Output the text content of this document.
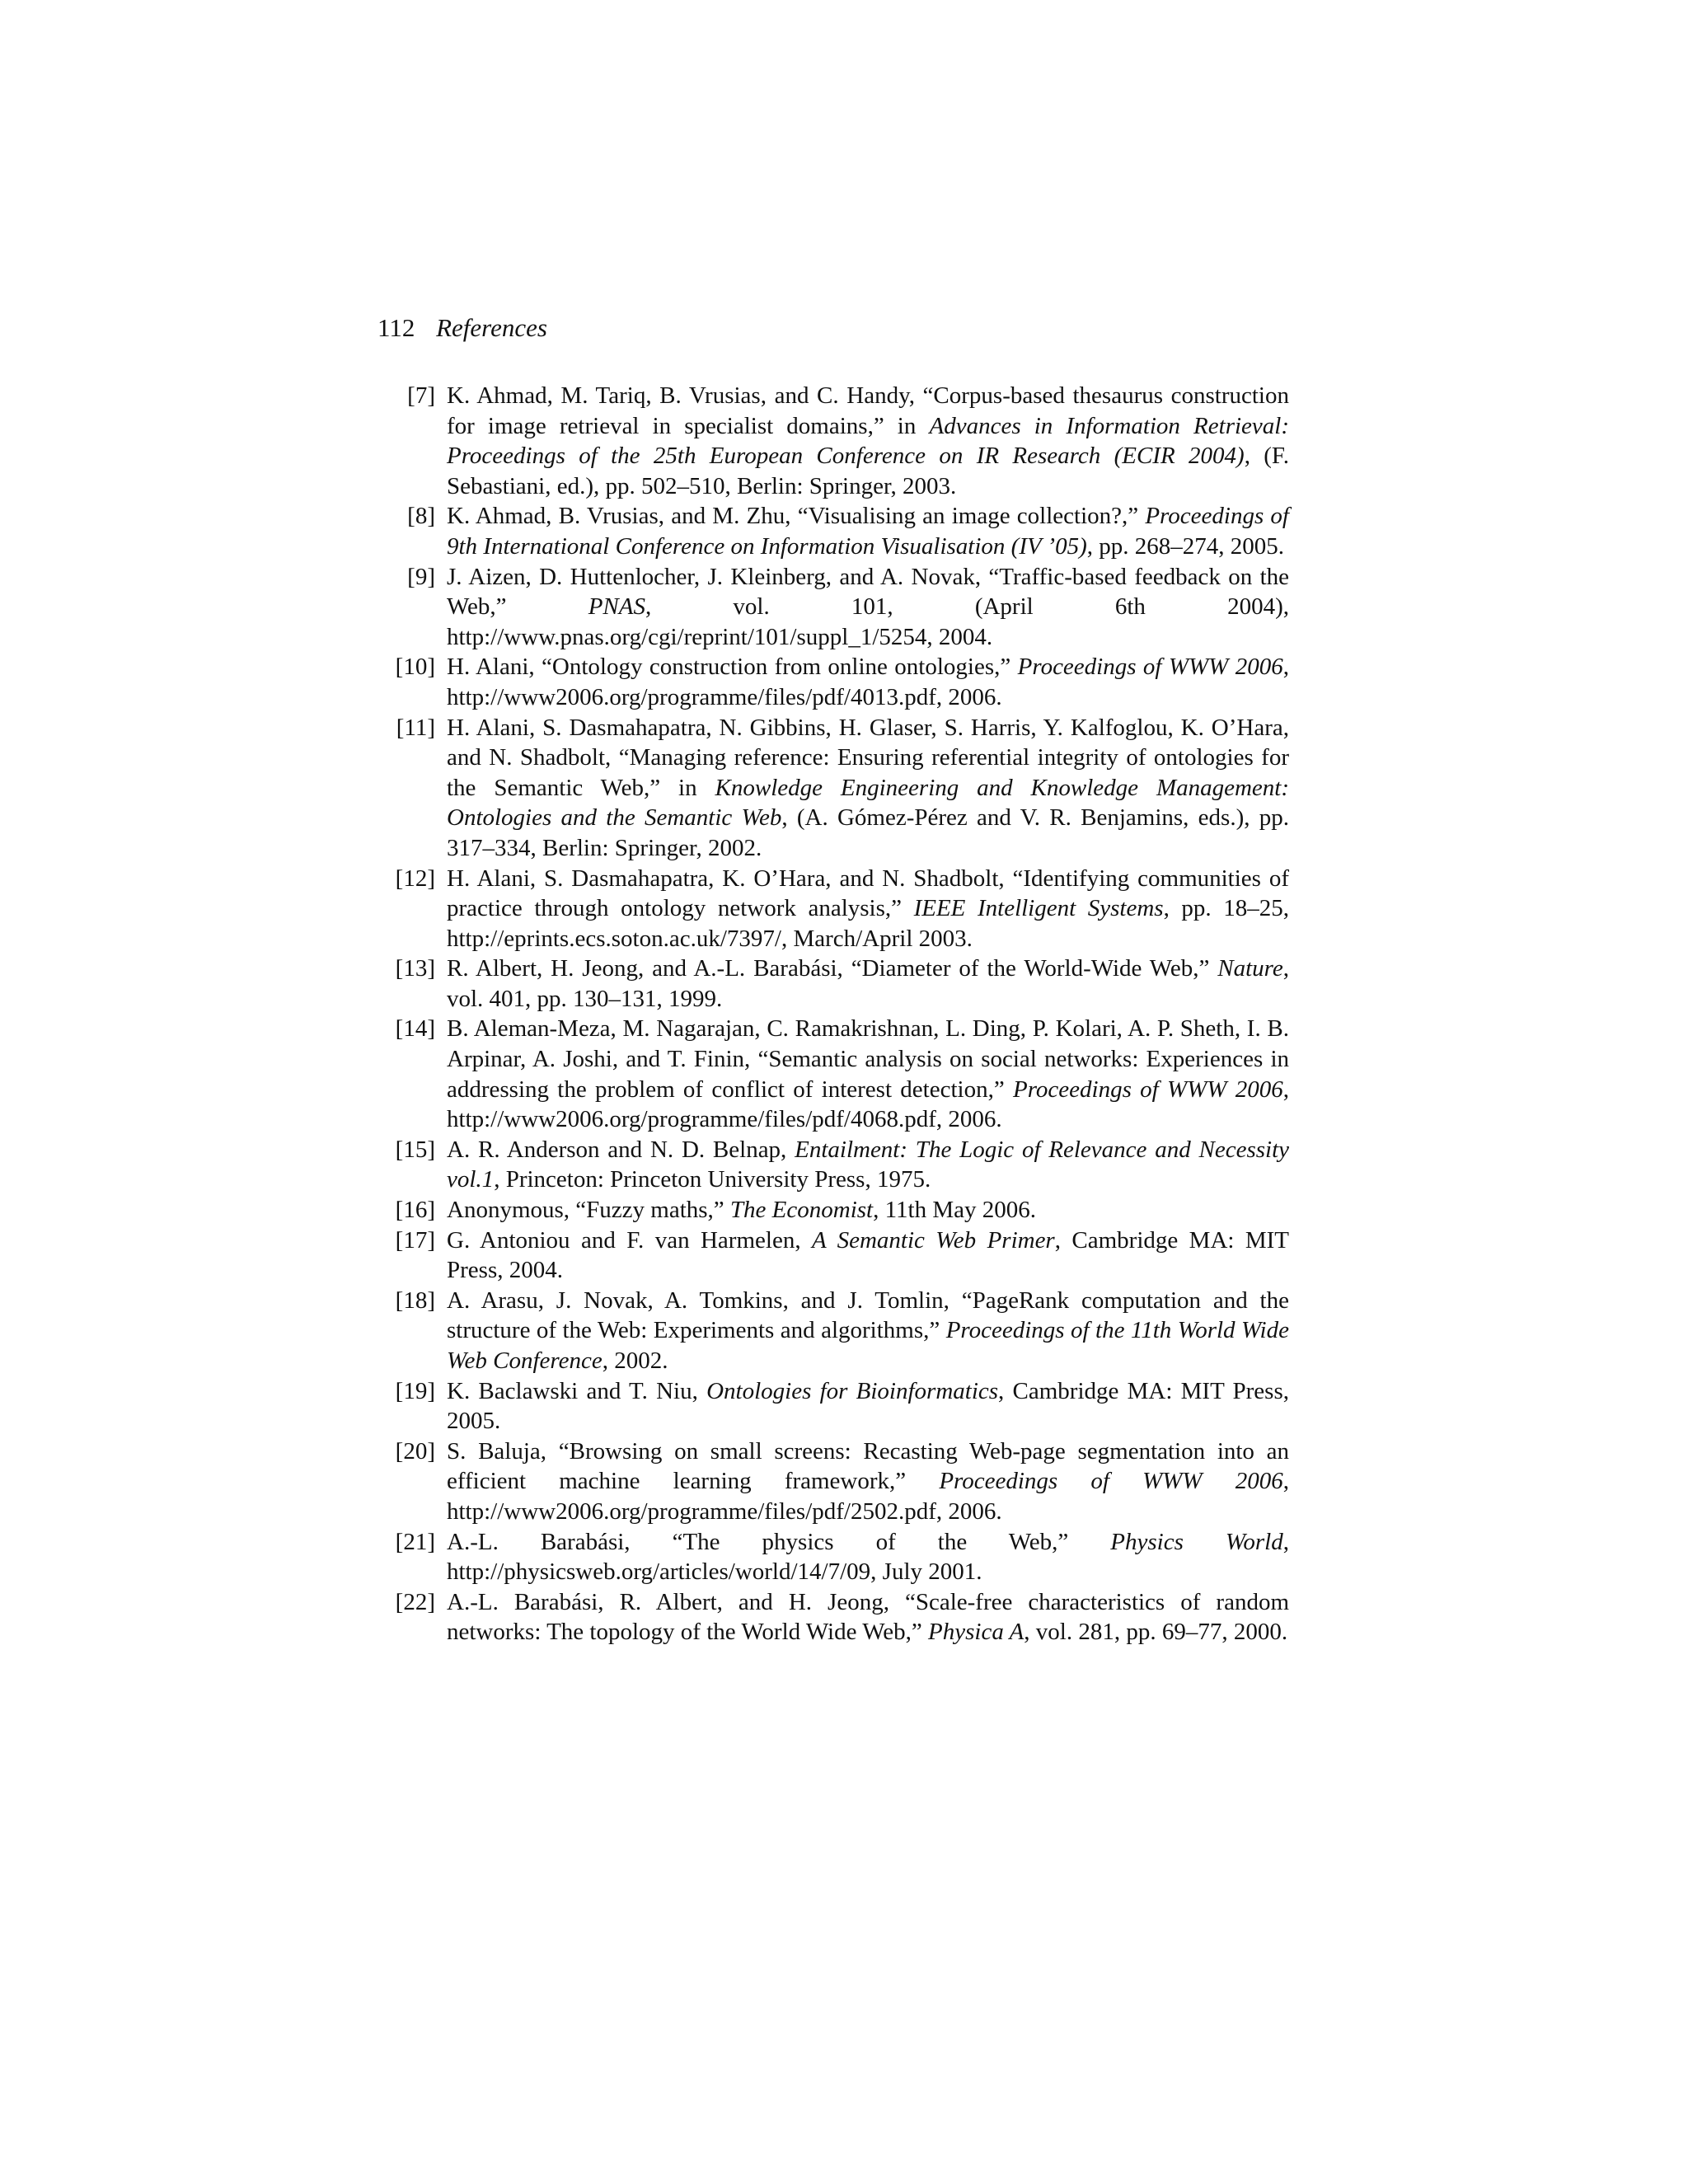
112 References
[7] K. Ahmad, M. Tariq, B. Vrusias, and C. Handy, “Corpus-based thesaurus construction for image retrieval in specialist domains,” in Advances in Information Retrieval: Proceedings of the 25th European Conference on IR Research (ECIR 2004), (F. Sebastiani, ed.), pp. 502–510, Berlin: Springer, 2003.
[8] K. Ahmad, B. Vrusias, and M. Zhu, “Visualising an image collection?,” Proceedings of 9th International Conference on Information Visualisation (IV ’05), pp. 268–274, 2005.
[9] J. Aizen, D. Huttenlocher, J. Kleinberg, and A. Novak, “Traffic-based feedback on the Web,” PNAS, vol. 101, (April 6th 2004), http://www.pnas.org/cgi/reprint/101/suppl_1/5254, 2004.
[10] H. Alani, “Ontology construction from online ontologies,” Proceedings of WWW 2006, http://www2006.org/programme/files/pdf/4013.pdf, 2006.
[11] H. Alani, S. Dasmahapatra, N. Gibbins, H. Glaser, S. Harris, Y. Kalfoglou, K. O’Hara, and N. Shadbolt, “Managing reference: Ensuring referential integrity of ontologies for the Semantic Web,” in Knowledge Engineering and Knowledge Management: Ontologies and the Semantic Web, (A. Gómez-Pérez and V. R. Benjamins, eds.), pp. 317–334, Berlin: Springer, 2002.
[12] H. Alani, S. Dasmahapatra, K. O’Hara, and N. Shadbolt, “Identifying communities of practice through ontology network analysis,” IEEE Intelligent Systems, pp. 18–25, http://eprints.ecs.soton.ac.uk/7397/, March/April 2003.
[13] R. Albert, H. Jeong, and A.-L. Barabási, “Diameter of the World-Wide Web,” Nature, vol. 401, pp. 130–131, 1999.
[14] B. Aleman-Meza, M. Nagarajan, C. Ramakrishnan, L. Ding, P. Kolari, A. P. Sheth, I. B. Arpinar, A. Joshi, and T. Finin, “Semantic analysis on social networks: Experiences in addressing the problem of conflict of interest detection,” Proceedings of WWW 2006, http://www2006.org/programme/files/pdf/4068.pdf, 2006.
[15] A. R. Anderson and N. D. Belnap, Entailment: The Logic of Relevance and Necessity vol.1, Princeton: Princeton University Press, 1975.
[16] Anonymous, “Fuzzy maths,” The Economist, 11th May 2006.
[17] G. Antoniou and F. van Harmelen, A Semantic Web Primer, Cambridge MA: MIT Press, 2004.
[18] A. Arasu, J. Novak, A. Tomkins, and J. Tomlin, “PageRank computation and the structure of the Web: Experiments and algorithms,” Proceedings of the 11th World Wide Web Conference, 2002.
[19] K. Baclawski and T. Niu, Ontologies for Bioinformatics, Cambridge MA: MIT Press, 2005.
[20] S. Baluja, “Browsing on small screens: Recasting Web-page segmentation into an efficient machine learning framework,” Proceedings of WWW 2006, http://www2006.org/programme/files/pdf/2502.pdf, 2006.
[21] A.-L. Barabási, “The physics of the Web,” Physics World, http://physicsweb.org/articles/world/14/7/09, July 2001.
[22] A.-L. Barabási, R. Albert, and H. Jeong, “Scale-free characteristics of random networks: The topology of the World Wide Web,” Physica A, vol. 281, pp. 69–77, 2000.
